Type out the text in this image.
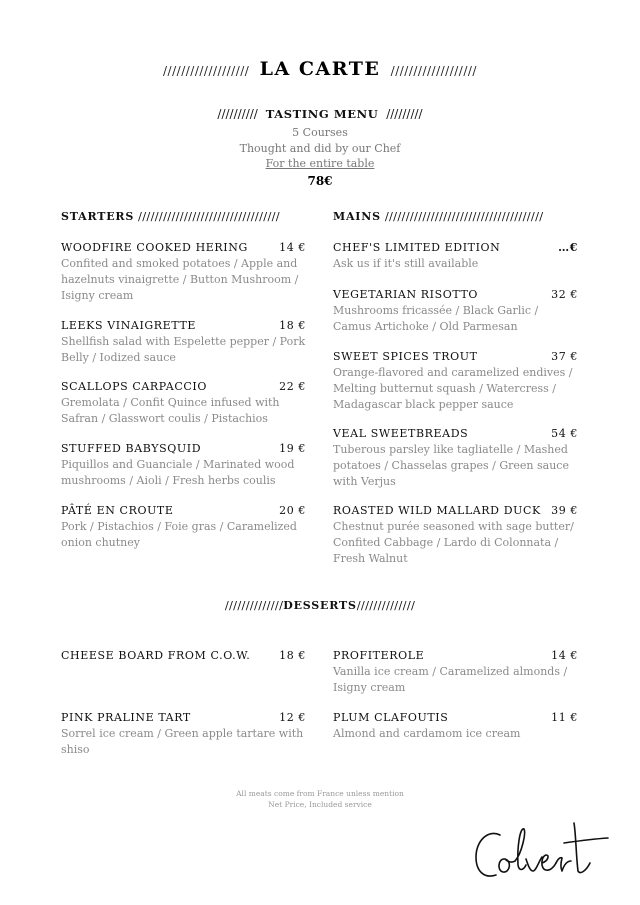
/////////////////// LA CARTE ///////////////////
////////// TASTING MENU /////////
5 Courses
Thought and did by our Chef
For the entire table
78€
STARTERS //////////////////////////////////	MAINS //////////////////////////////////////
WOODFIRE COOKED HERING	14 €
Confited and smoked potatoes / Apple and hazelnuts vinaigrette / Button Mushroom / Isigny cream
LEEKS VINAIGRETTE	18 €
Shellfish salad with Espelette pepper / Pork Belly / Iodized sauce
SCALLOPS CARPACCIO	22 €
Gremolata / Confit Quince infused with Safran / Glasswort coulis / Pistachios
STUFFED BABYSQUID	19 €
Piquillos and Guanciale / Marinated wood mushrooms / Aioli / Fresh herbs coulis
PÂTÉ EN CROUTE	20 €
Pork / Pistachios / Foie gras / Caramelized onion chutney
CHEF'S LIMITED EDITION	…€
Ask us if it's still available
VEGETARIAN RISOTTO	32 €
Mushrooms fricassée / Black Garlic / Camus Artichoke / Old Parmesan
SWEET SPICES TROUT	37 €
Orange-flavored and caramelized endives / Melting butternut squash / Watercress / Madagascar black pepper sauce
VEAL SWEETBREADS	54 €
Tuberous parsley like tagliatelle / Mashed potatoes / Chasselas grapes / Green sauce with Verjus
ROASTED WILD MALLARD DUCK 39 €
Chestnut purée seasoned with sage butter/ Confited Cabbage / Lardo di Colonnata / Fresh Walnut
//////////////DESSERTS//////////////
CHEESE BOARD FROM C.O.W.	18 € PROFITEROLE	14 €
Vanilla ice cream / Caramelized almonds / Isigny cream
PINK PRALINE TART	12 €
Sorrel ice cream / Green apple tartare with shiso
PLUM CLAFOUTIS	11 €
Almond and cardamom ice cream
All meats come from France unless mention
Net Price, Included service
